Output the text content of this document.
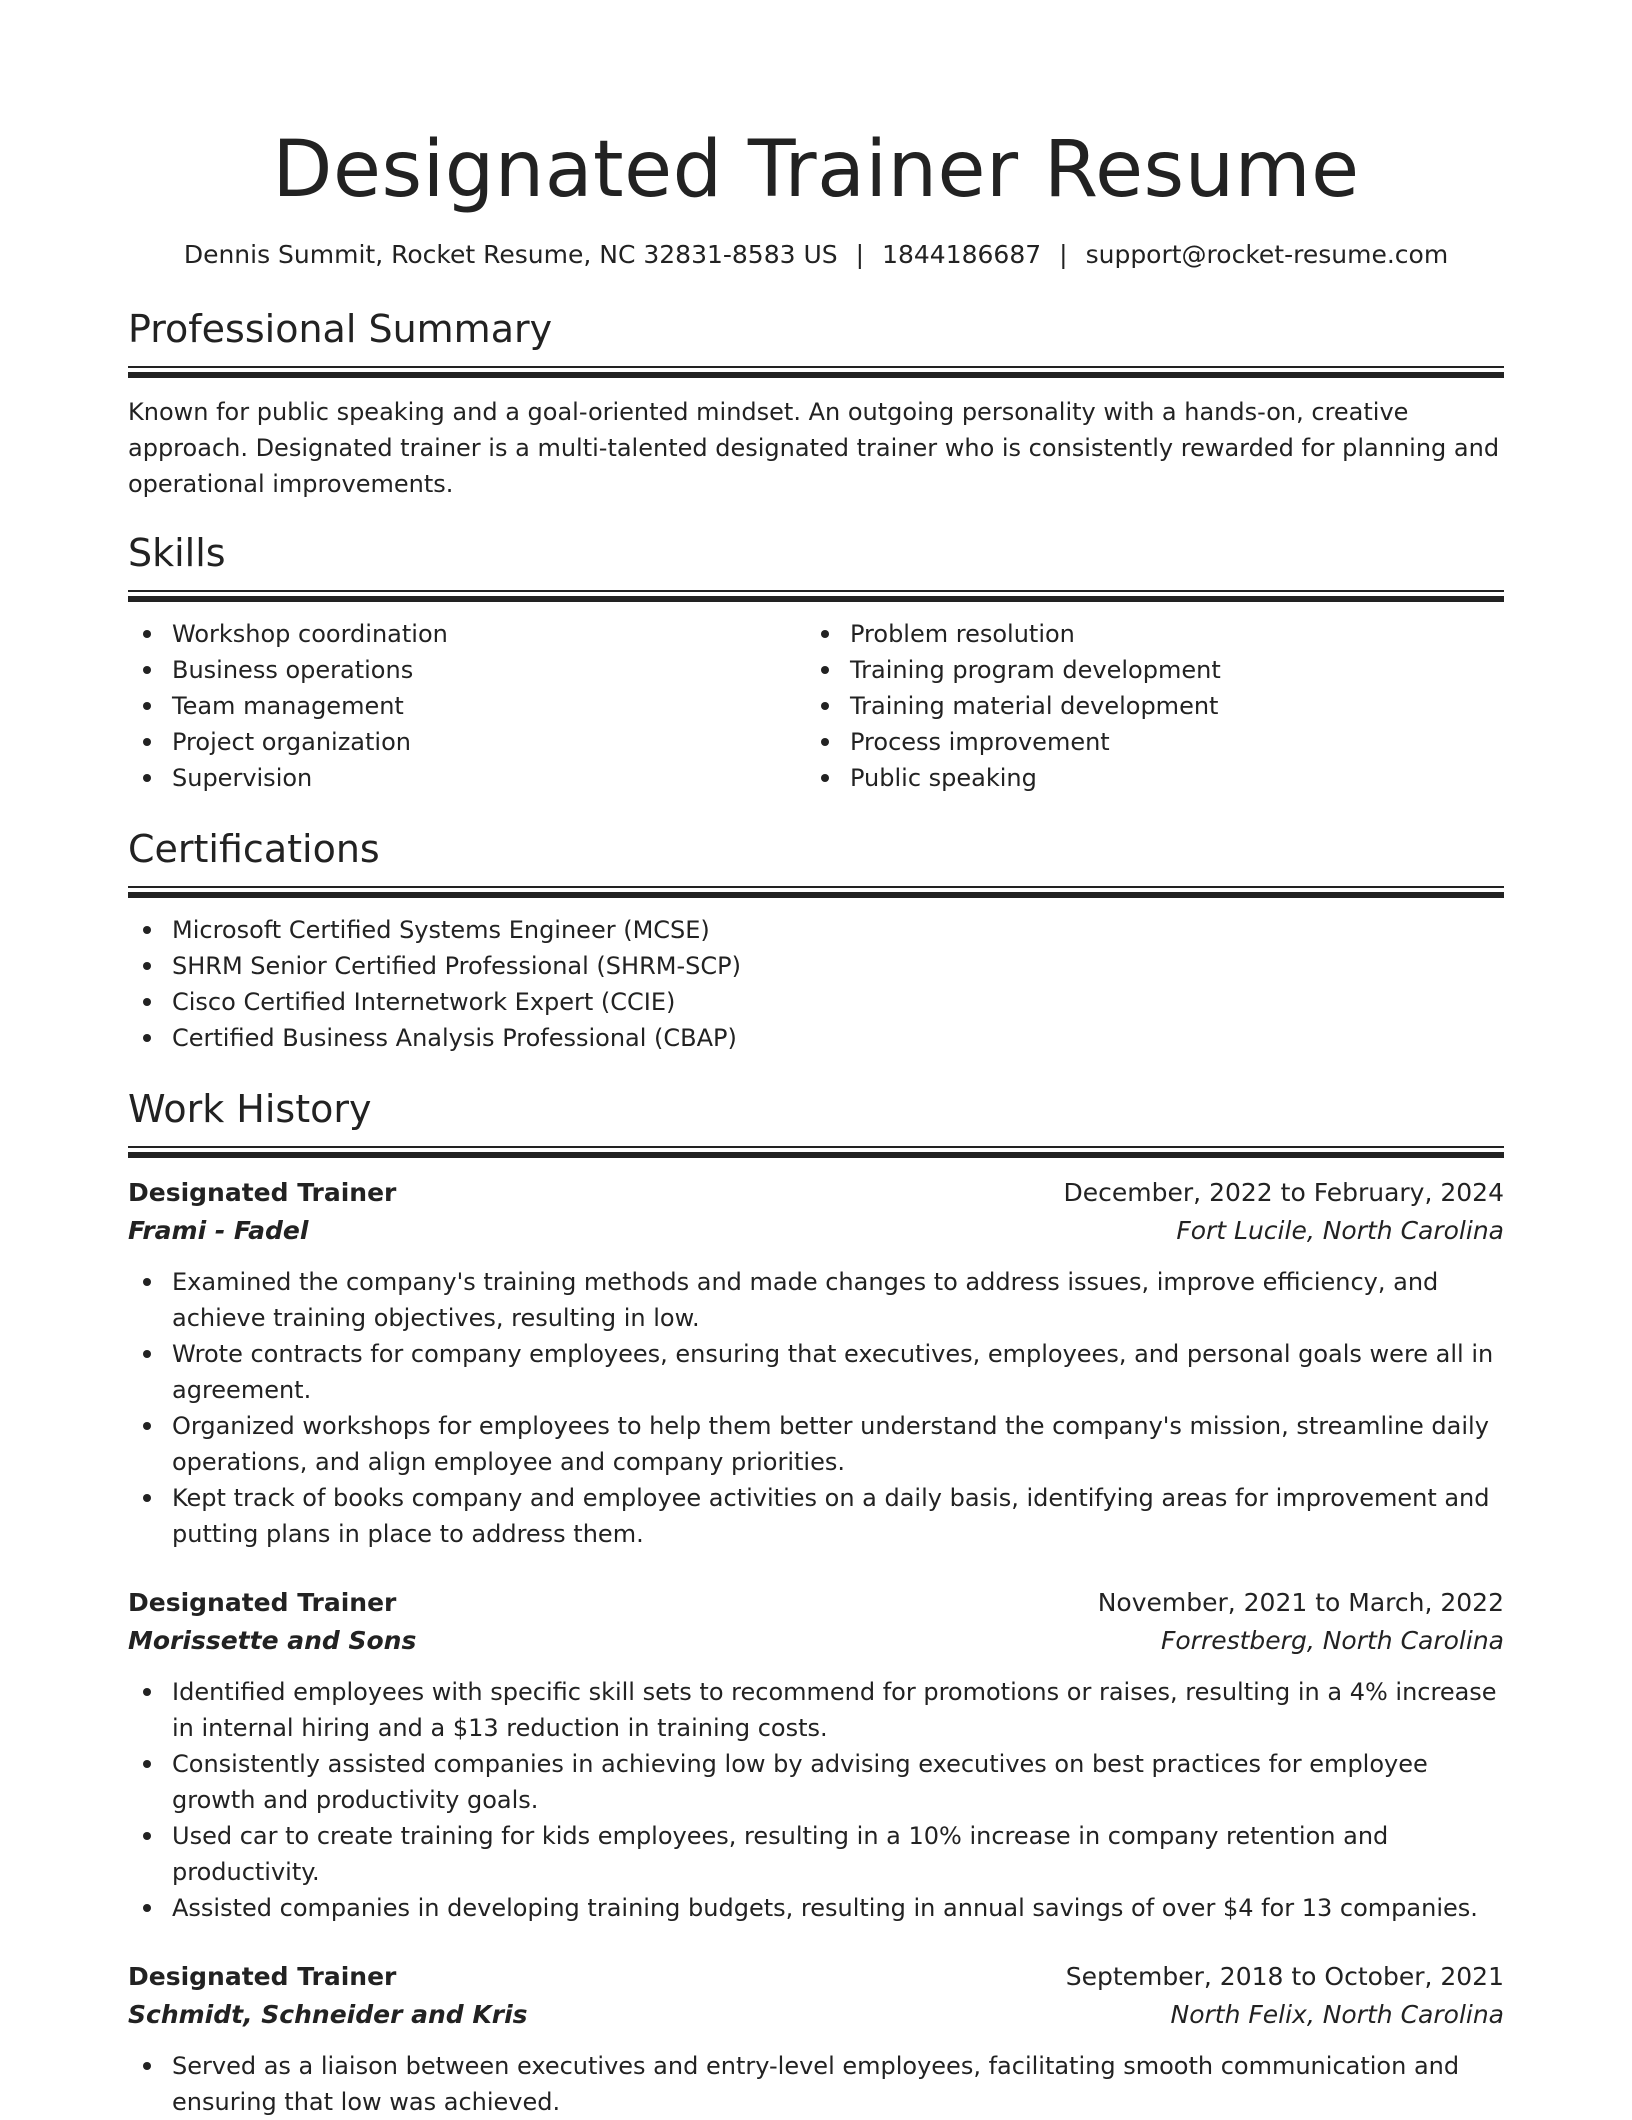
Designated Trainer Resume
Dennis Summit, Rocket Resume, NC 32831-8583 US | 1844186687 | support@rocket-resume.com
Professional Summary

Known for public speaking and a goal-oriented mindset. An outgoing personality with a hands-on, creative approach. Designated trainer is a multi-talented designated trainer who is consistently rewarded for planning and operational improvements.

Skills
Workshop coordination
Business operations
Team management
Project organization
Supervision
Problem resolution
Training program development
Training material development
Process improvement
Public speaking
Certifications
Microsoft Certified Systems Engineer (MCSE)
SHRM Senior Certified Professional (SHRM-SCP)
Cisco Certified Internetwork Expert (CCIE)
Certified Business Analysis Professional (CBAP)
Work History
Designated Trainer	December, 2022 to February, 2024
Frami - Fadel	Fort Lucile, North Carolina
Examined the company's training methods and made changes to address issues, improve efficiency, and achieve training objectives, resulting in low.
Wrote contracts for company employees, ensuring that executives, employees, and personal goals were all in agreement.
Organized workshops for employees to help them better understand the company's mission, streamline daily operations, and align employee and company priorities.
Kept track of books company and employee activities on a daily basis, identifying areas for improvement and putting plans in place to address them.
Designated Trainer	November, 2021 to March, 2022
Morissette and Sons	Forrestberg, North Carolina
Identified employees with specific skill sets to recommend for promotions or raises, resulting in a 4% increase in internal hiring and a $13 reduction in training costs.
Consistently assisted companies in achieving low by advising executives on best practices for employee growth and productivity goals.
Used car to create training for kids employees, resulting in a 10% increase in company retention and productivity.
Assisted companies in developing training budgets, resulting in annual savings of over $4 for 13 companies.
Designated Trainer	September, 2018 to October, 2021
Schmidt, Schneider and Kris	North Felix, North Carolina
Served as a liaison between executives and entry-level employees, facilitating smooth communication and ensuring that low was achieved.
